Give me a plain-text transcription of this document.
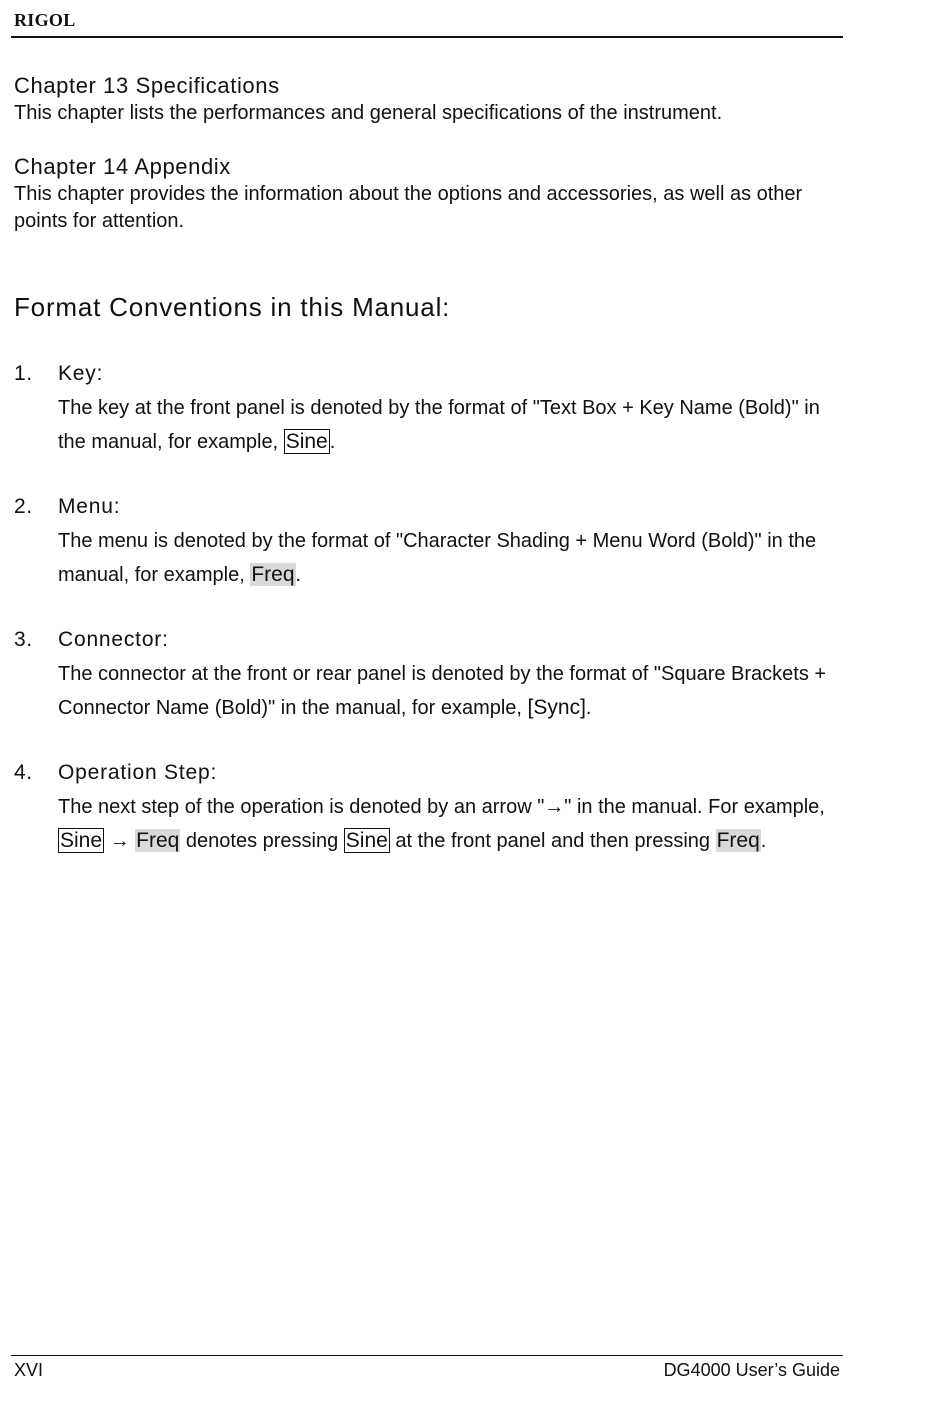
RIGOL
Chapter 13 Specifications

This chapter lists the performances and general specifications of the instrument.

Chapter 14 Appendix

This chapter provides the information about the options and accessories, as well as other points for attention.

Format Conventions in this Manual:
1. Key:

The key at the front panel is denoted by the format of "Text Box + Key Name (Bold)" in the manual, for example, Sine .

2. Menu:

The menu is denoted by the format of "Character Shading + Menu Word (Bold)" in the manual, for example, Freq.

3. Connector:

The connector at the front or rear panel is denoted by the format of "Square Brackets + Connector Name (Bold)" in the manual, for example, [Sync].

4. Operation Step:

The next step of the operation is denoted by an arrow "→" in the manual. For example, Sine → Freq denotes pressing Sine at the front panel and then pressing Freq.

XVI	DG4000 User’s Guide
